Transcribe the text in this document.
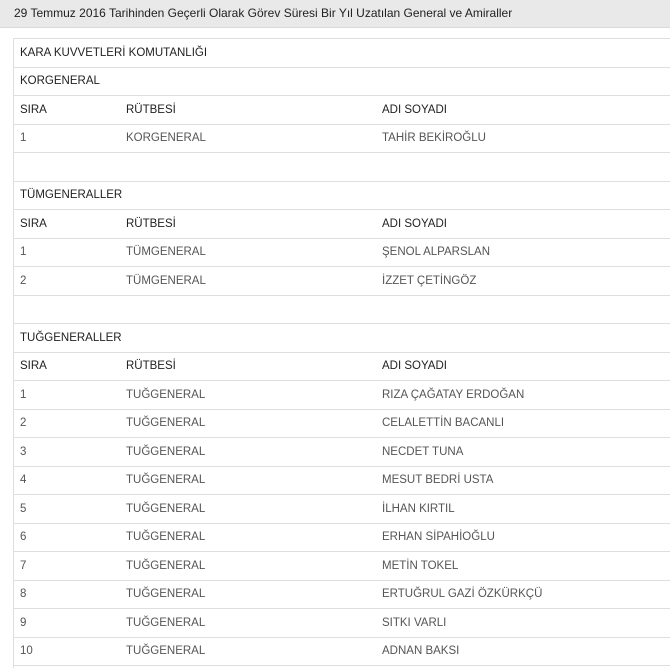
29 Temmuz 2016 Tarihinden Geçerli Olarak Görev Süresi Bir Yıl Uzatılan General ve Amiraller
KARA KUVVETLERİ KOMUTANLIĞI
KORGENERAL
SIRA	RÜTBESİ	ADI SOYADI
1	KORGENERAL	TAHİR BEKİROĞLU
TÜMGENERALLER
SIRA	RÜTBESİ	ADI SOYADI
1	TÜMGENERAL	ŞENOL ALPARSLAN
2	TÜMGENERAL	İZZET ÇETİNGÖZ
TUĞGENERALLER
SIRA	RÜTBESİ	ADI SOYADI
1	TUĞGENERAL	RIZA ÇAĞATAY ERDOĞAN
2	TUĞGENERAL	CELALETTİN BACANLI
3	TUĞGENERAL	NECDET TUNA
4	TUĞGENERAL	MESUT BEDRİ USTA
5	TUĞGENERAL	İLHAN KIRTIL
6	TUĞGENERAL	ERHAN SİPAHİOĞLU
7	TUĞGENERAL	METİN TOKEL
8	TUĞGENERAL	ERTUĞRUL GAZİ ÖZKÜRKÇÜ
9	TUĞGENERAL	SITKI VARLI
10	TUĞGENERAL	ADNAN BAKSI
